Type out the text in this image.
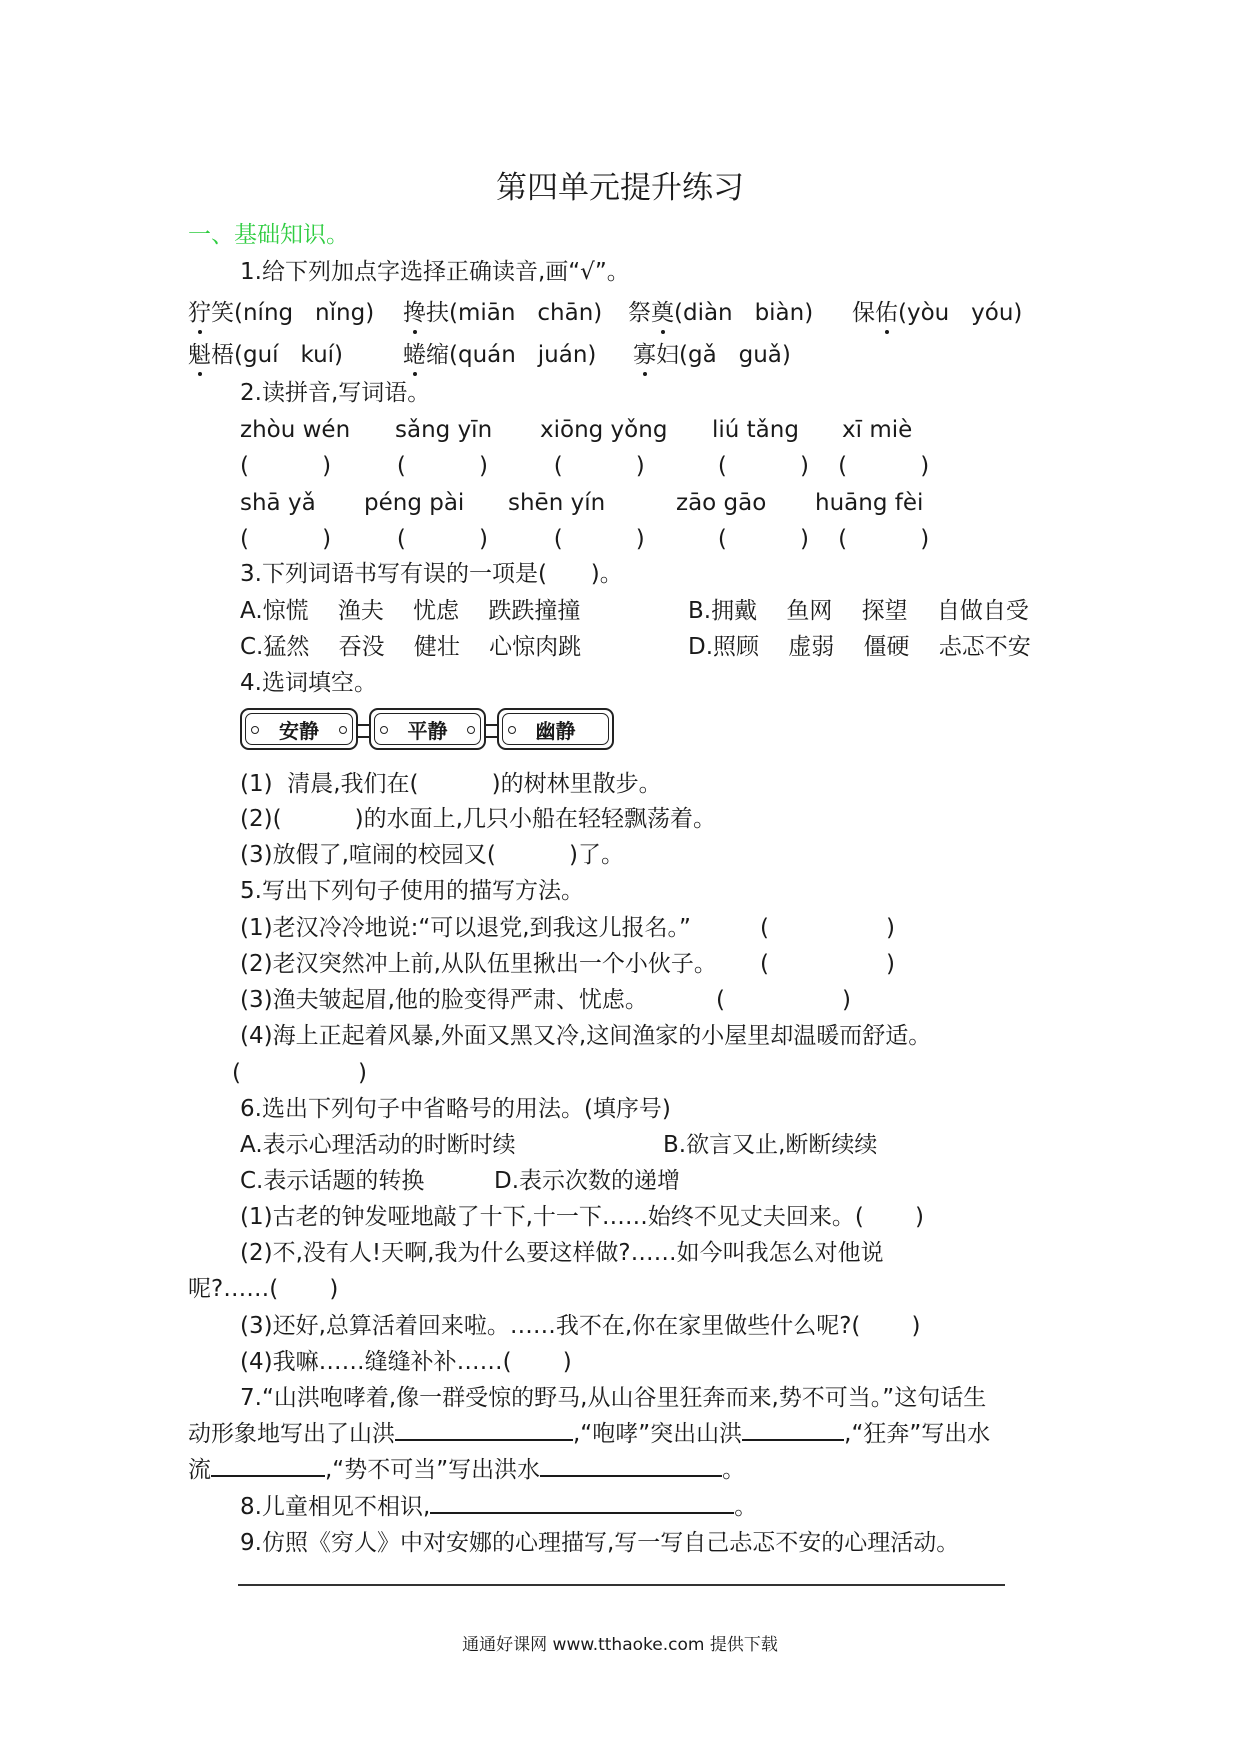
第四单元提升练习
一、基础知识。
1.给下列加点字选择正确读音,画“√”。
狞笑(níng   nǐng) 搀扶(miān   chān) 祭奠(diàn   biàn) 保佑(yòu   yóu)
魁梧(guí   kuí)	蜷缩(quán   juán) 寡妇(gǎ   guǎ)
2.读拼音,写词语。
zhòu wén sǎng yīn xiōng yǒng liú tǎng xī miè
(          )         (          )         (          )          (          )    (          )
shā yǎ péng pài shēn yín	zāo gāo huāng fèi
(          )         (          )         (          )          (          )    (          )
3.下列词语书写有误的一项是(      )。
A.惊慌 渔夫 忧虑 跌跌撞撞	B.拥戴 鱼网 探望 自做自受
C.猛然 吞没 健壮 心惊肉跳	D.照顾 虚弱 僵硬 忐忑不安
4.选词填空。
安静	平静	幽静
(1)  清晨,我们在(          )的树林里散步。
(2)(          )的水面上,几只小船在轻轻飘荡着。
(3)放假了,喧闹的校园又(          )了。
5.写出下列句子使用的描写方法。
(1)老汉冷冷地说:“可以退党,到我这儿报名。”	(                )
(2)老汉突然冲上前,从队伍里揪出一个小伙子。 (                )
(3)渔夫皱起眉,他的脸变得严肃、忧虑。	(                )
(4)海上正起着风暴,外面又黑又冷,这间渔家的小屋里却温暖而舒适。
(                )
6.选出下列句子中省略号的用法。(填序号)
A.表示心理活动的时断时续	B.欲言又止,断断续续
C.表示话题的转换	D.表示次数的递增
(1)古老的钟发哑地敲了十下,十一下……始终不见丈夫回来。(       )
(2)不,没有人!天啊,我为什么要这样做?……如今叫我怎么对他说
呢?……(       )
(3)还好,总算活着回来啦。……我不在,你在家里做些什么呢?(       )
(4)我嘛……缝缝补补……(       )
7.“山洪咆哮着,像一群受惊的野马,从山谷里狂奔而来,势不可当。”这句话生
动形象地写出了山洪	,“咆哮”突出山洪	,“狂奔”写出水
流	,“势不可当”写出洪水	。
8.儿童相见不相识,	。
9.仿照《穷人》中对安娜的心理描写,写一写自己忐忑不安的心理活动。
通通好课网 www.tthaoke.com 提供下载
